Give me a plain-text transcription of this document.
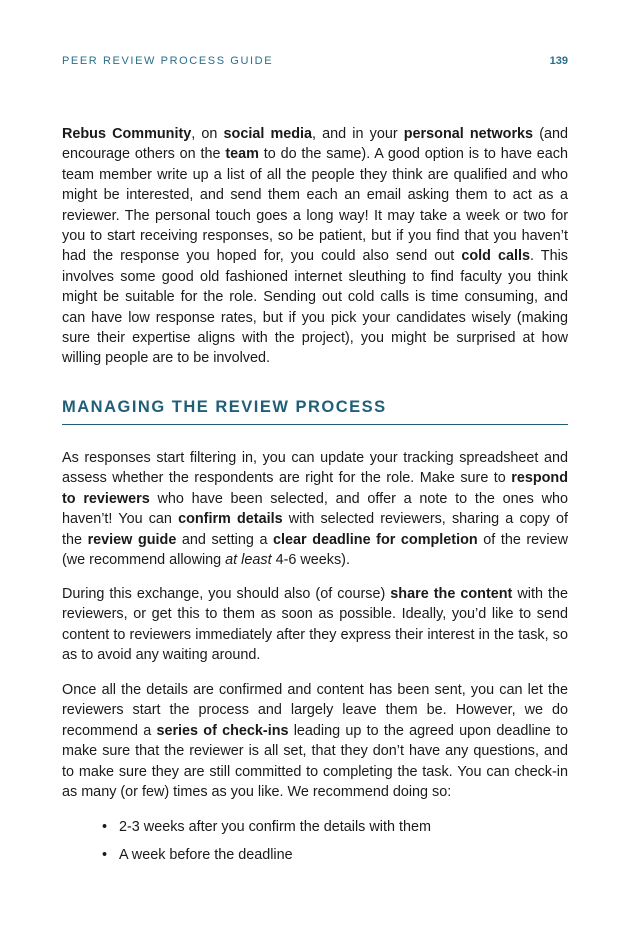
PEER REVIEW PROCESS GUIDE	139

Rebus Community, on social media, and in your personal networks (and encourage others on the team to do the same). A good option is to have each team member write up a list of all the people they think are qualified and who might be interested, and send them each an email asking them to act as a reviewer. The personal touch goes a long way! It may take a week or two for you to start receiving responses, so be patient, but if you find that you haven’t had the response you hoped for, you could also send out cold calls. This involves some good old fashioned internet sleuthing to find faculty you think might be suitable for the role. Sending out cold calls is time consuming, and can have low response rates, but if you pick your candidates wisely (making sure their expertise aligns with the project), you might be surprised at how willing people are to be involved.

MANAGING THE REVIEW PROCESS

As responses start filtering in, you can update your tracking spreadsheet and assess whether the respondents are right for the role. Make sure to respond to reviewers who have been selected, and offer a note to the ones who haven’t! You can confirm details with selected reviewers, sharing a copy of the review guide and setting a clear deadline for completion of the review (we recommend allowing at least 4-6 weeks).

During this exchange, you should also (of course) share the content with the reviewers, or get this to them as soon as possible. Ideally, you’d like to send content to reviewers immediately after they express their interest in the task, so as to avoid any waiting around.

Once all the details are confirmed and content has been sent, you can let the reviewers start the process and largely leave them be. However, we do recommend a series of check-ins leading up to the agreed upon deadline to make sure that the reviewer is all set, that they don’t have any questions, and to make sure they are still committed to completing the task. You can check-in as many (or few) times as you like. We recommend doing so:

• 2-3 weeks after you confirm the details with them
• A week before the deadline
